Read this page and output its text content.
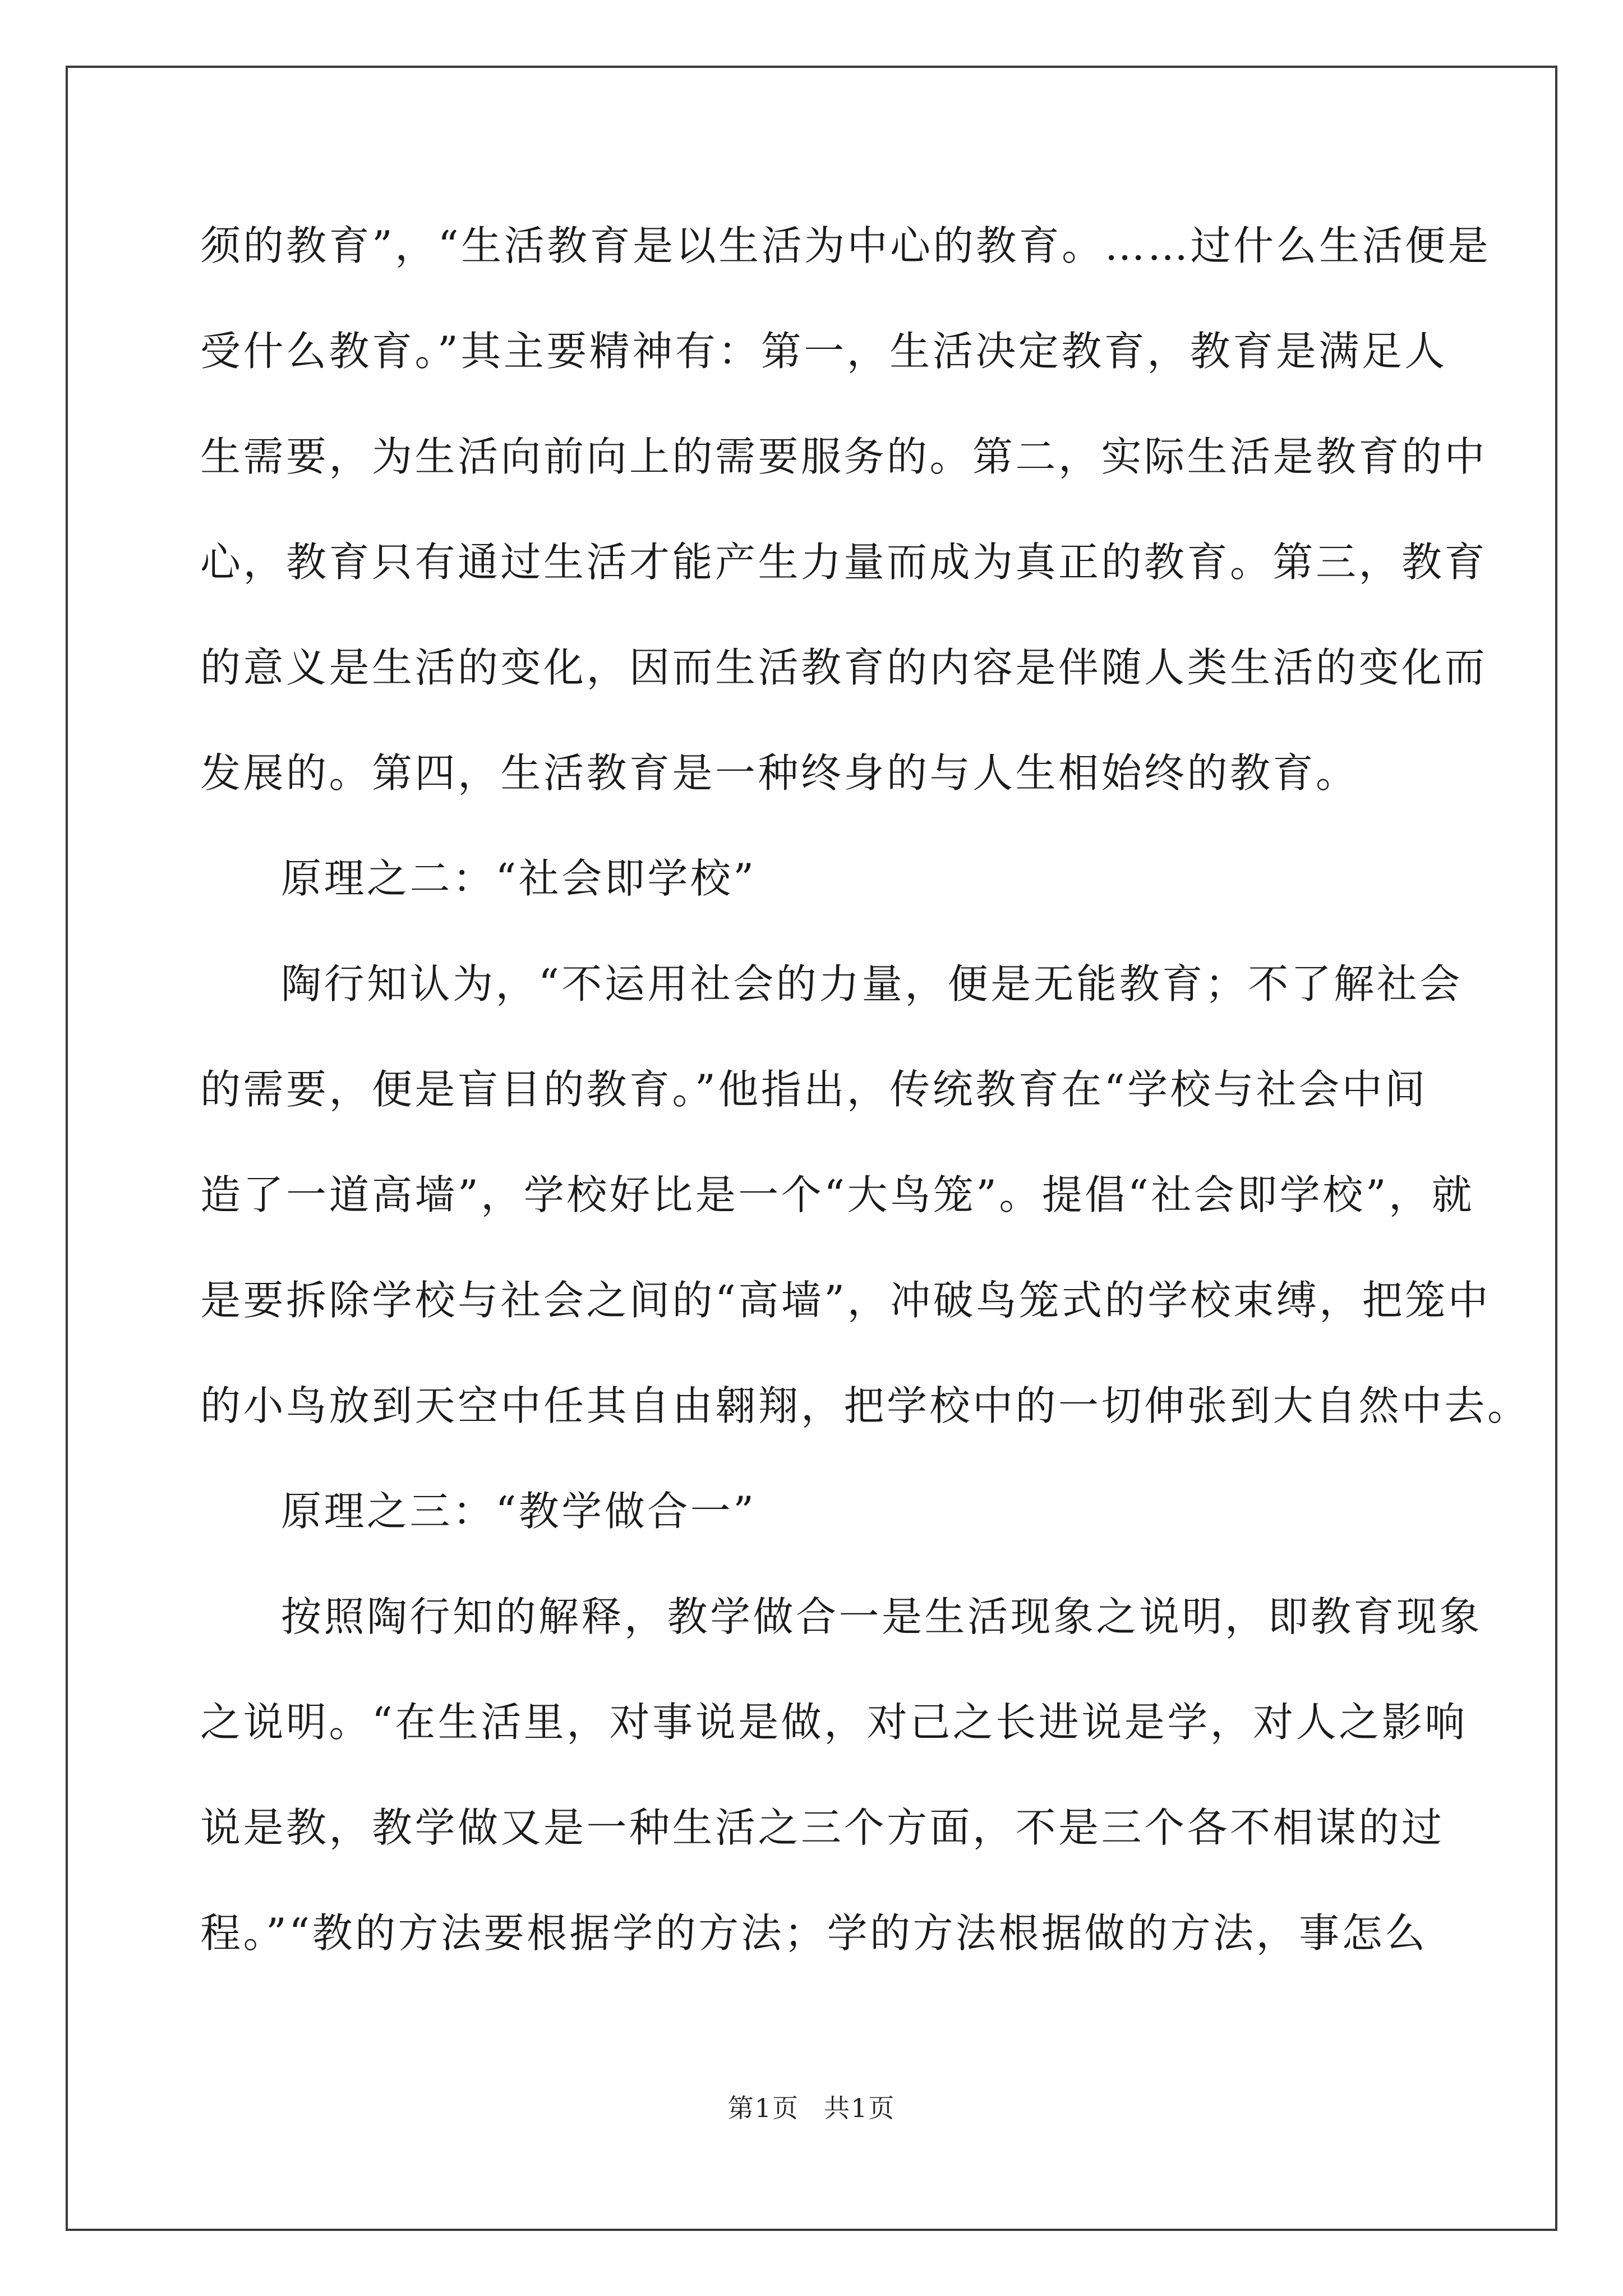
须的教育”，“生活教育是以生活为中心的教育。……过什么生活便是
受什么教育。”其主要精神有：第一，生活决定教育，教育是满足人
生需要，为生活向前向上的需要服务的。第二，实际生活是教育的中
心，教育只有通过生活才能产生力量而成为真正的教育。第三，教育
的意义是生活的变化，因而生活教育的内容是伴随人类生活的变化而
发展的。第四，生活教育是一种终身的与人生相始终的教育。
原理之二：“社会即学校”
陶行知认为，“不运用社会的力量，便是无能教育；不了解社会
的需要，便是盲目的教育。”他指出，传统教育在“学校与社会中间
造了一道高墙”，学校好比是一个“大鸟笼”。提倡“社会即学校”，就
是要拆除学校与社会之间的“高墙”，冲破鸟笼式的学校束缚，把笼中
的小鸟放到天空中任其自由翱翔，把学校中的一切伸张到大自然中去。
原理之三：“教学做合一”
按照陶行知的解释，教学做合一是生活现象之说明，即教育现象
之说明。“在生活里，对事说是做，对己之长进说是学，对人之影响
说是教，教学做又是一种生活之三个方面，不是三个各不相谋的过
程。”“教的方法要根据学的方法；学的方法根据做的方法，事怎么
第1页 共1页
